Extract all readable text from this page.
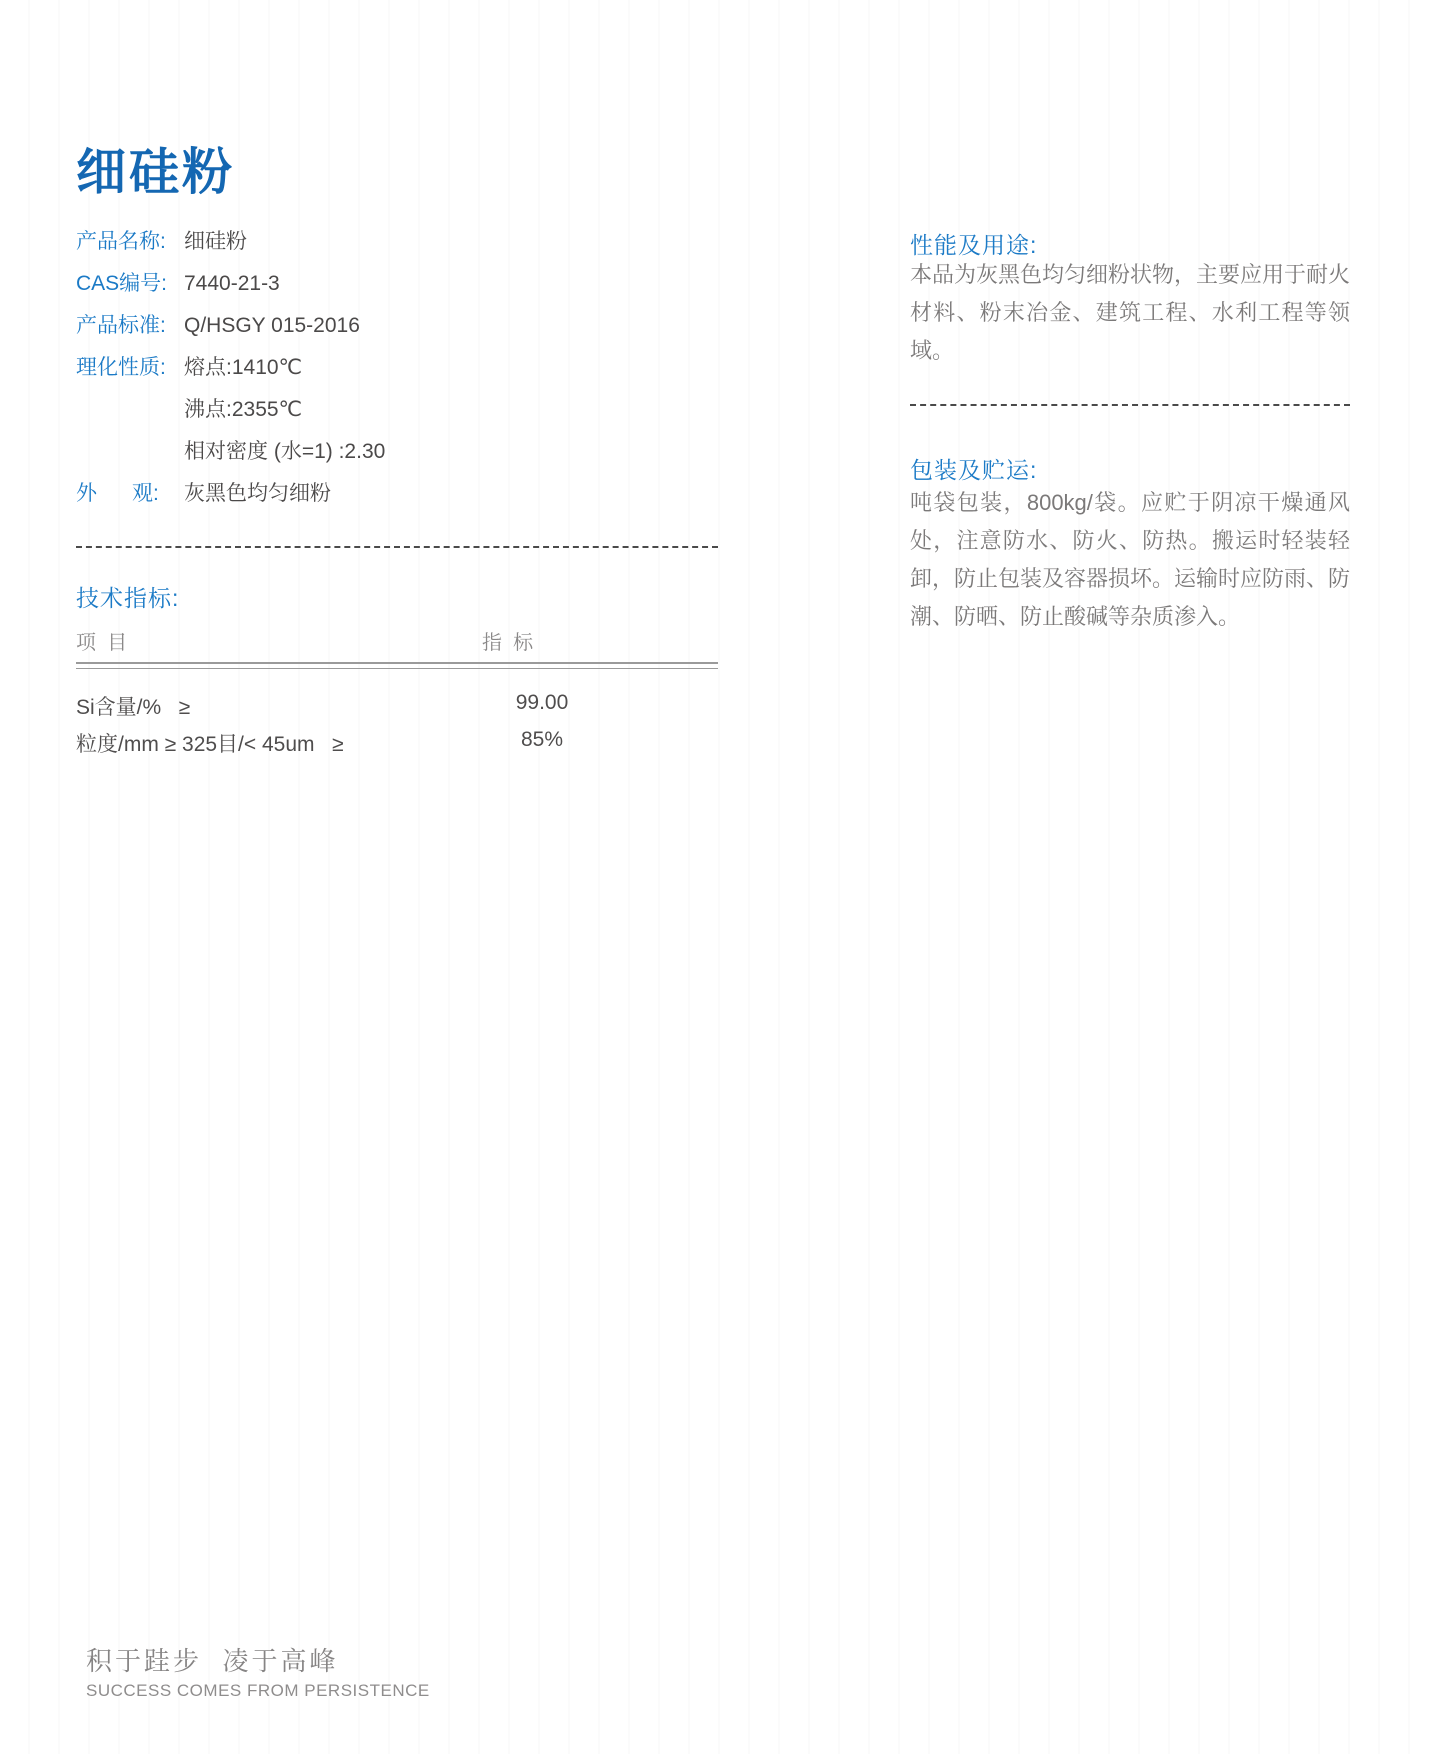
细硅粉
产品名称: 细硅粉
CAS编号: 7440-21-3
产品标准: Q/HSGY 015-2016
理化性质: 熔点:1410℃
沸点:2355℃
相对密度 (水=1) :2.30
外      观:	灰黑色均匀细粉
技术指标:
项  目	指  标
Si含量/%   ≥	99.00
粒度/mm ≥ 325目/< 45um   ≥	85%
性能及用途:

本品为灰黑色均匀细粉状物，主要应用于耐火材料、粉末冶金、建筑工程、水利工程等领域。

包装及贮运:

吨袋包装，800kg/袋。应贮于阴凉干燥通风处，注意防水、防火、防热。搬运时轻装轻卸，防止包装及容器损坏。运输时应防雨、防潮、防晒、防止酸碱等杂质渗入。

积于跬步  凌于高峰
SUCCESS COMES FROM PERSISTENCE
